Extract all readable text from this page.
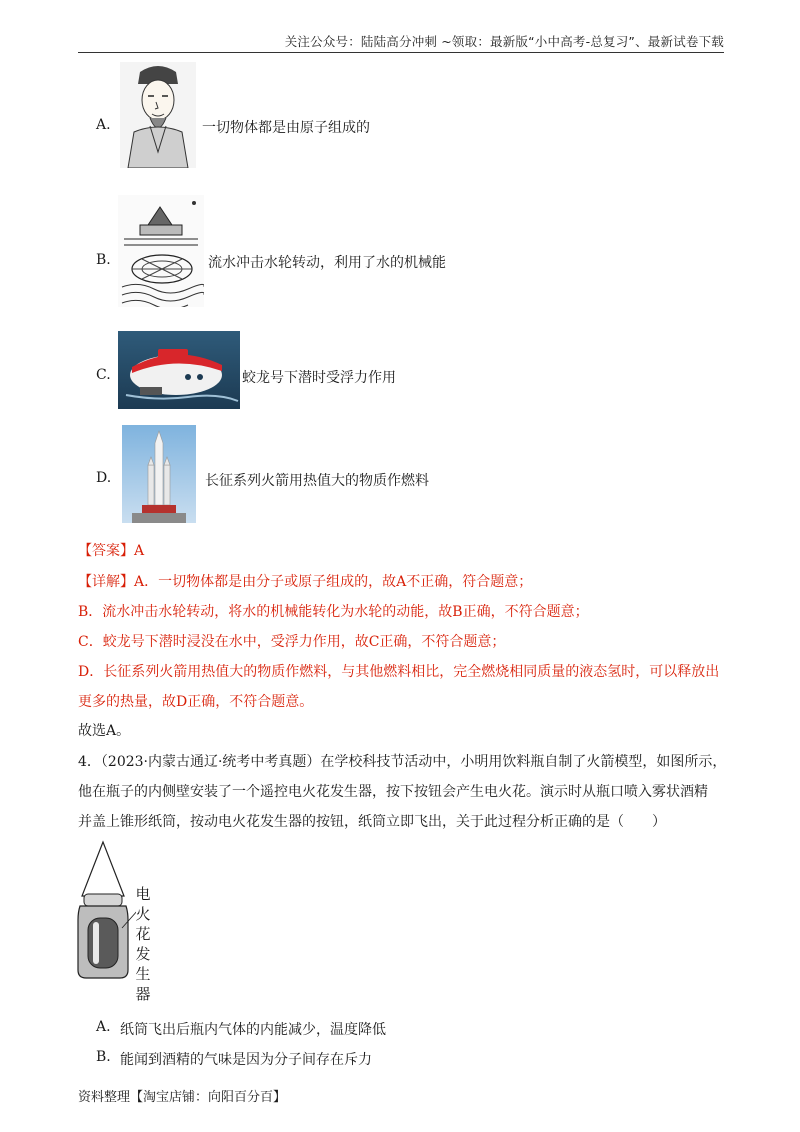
关注公众号：陆陆高分冲刺 ~领取：最新版“小中高考-总复习”、最新试卷下载
A.	一切物体都是由原子组成的
B.	流水冲击水轮转动，利用了水的机械能
C.	蛟龙号下潜时受浮力作用
D.	长征系列火箭用热值大的物质作燃料
【答案】A
【详解】A．一切物体都是由分子或原子组成的，故A不正确，符合题意；
B．流水冲击水轮转动，将水的机械能转化为水轮的动能，故B正确，不符合题意；
C．蛟龙号下潜时浸没在水中，受浮力作用，故C正确，不符合题意；
D．长征系列火箭用热值大的物质作燃料，与其他燃料相比，完全燃烧相同质量的液态氢时，可以释放出
更多的热量，故D正确，不符合题意。
故选A。
4．（2023·内蒙古通辽·统考中考真题）在学校科技节活动中，小明用饮料瓶自制了火箭模型，如图所示，
他在瓶子的内侧壁安装了一个遥控电火花发生器，按下按钮会产生电火花。演示时从瓶口喷入雾状酒精
并盖上锥形纸筒，按动电火花发生器的按钮，纸筒立即飞出，关于此过程分析正确的是（　　）
电
火
花
发
生
器
A. 纸筒飞出后瓶内气体的内能减少，温度降低
B. 能闻到酒精的气味是因为分子间存在斥力
资料整理【淘宝店铺：向阳百分百】
